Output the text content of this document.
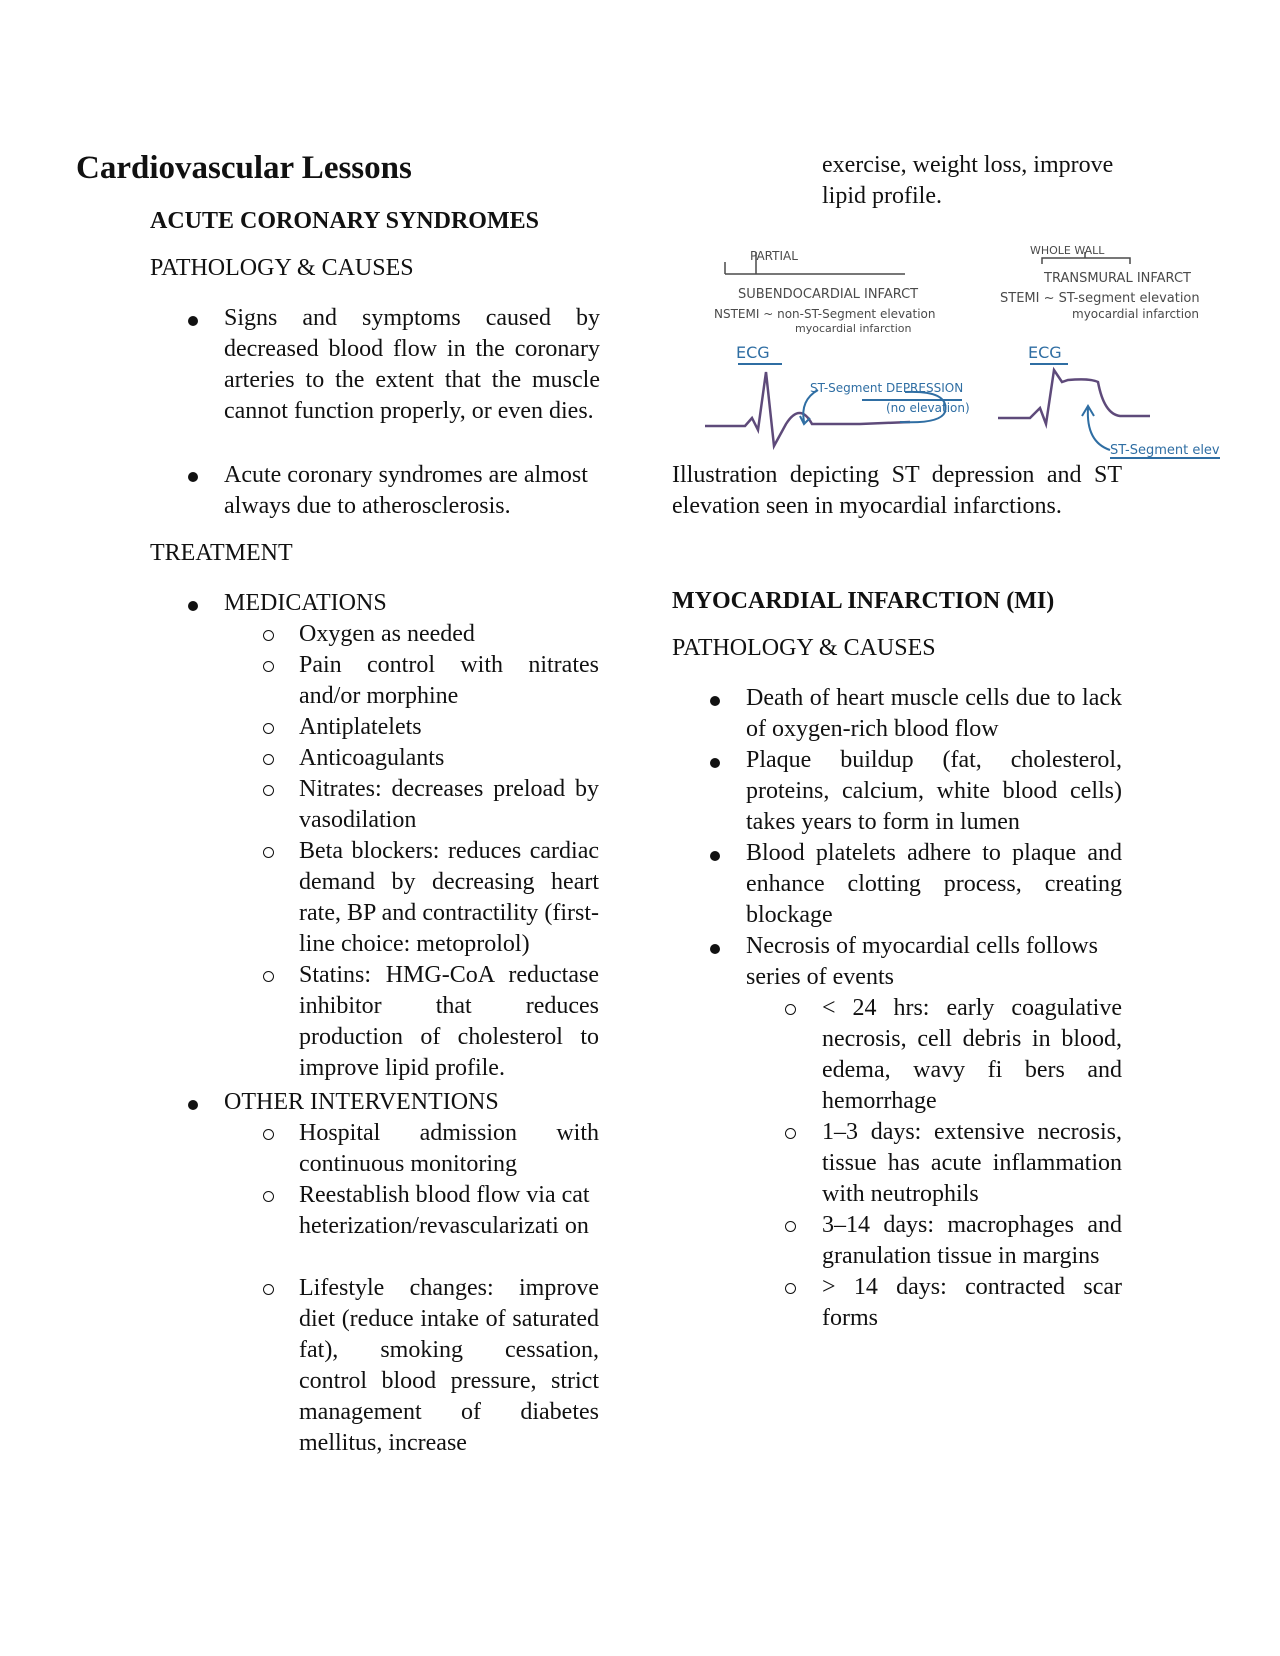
Cardiovascular Lessons
ACUTE CORONARY SYNDROMES
PATHOLOGY & CAUSES
Signs and symptoms caused by decreased blood flow in the coronary arteries to the extent that the muscle cannot function properly, or even dies.
Acute coronary syndromes are almost always due to atherosclerosis.
TREATMENT
MEDICATIONS
Oxygen as needed
Pain control with nitrates and/or morphine
Antiplatelets
Anticoagulants
Nitrates: decreases preload by vasodilation
Beta blockers: reduces cardiac demand by decreasing heart rate, BP and contractility (first-line choice: metoprolol)
Statins: HMG-CoA reductase inhibitor that reduces production of cholesterol to improve lipid profile.
OTHER INTERVENTIONS
Hospital admission with continuous monitoring
Reestablish blood flow via catheterization/revascularizati on
Lifestyle changes: improve diet (reduce intake of saturated fat), smoking cessation, control blood pressure, strict management of diabetes mellitus, increase
exercise, weight loss, improve lipid profile.
PARTIAL
SUBENDOCARDIAL INFARCT
NSTEMI ~ non-ST-Segment elevation
myocardial infarction
ECG
WHOLE WALL
TRANSMURAL INFARCT
STEMI ~ ST-segment elevation
myocardial infarction
ECG
ST-Segment DEPRESSION
(no elevation)
ST-Segment elev
Illustration depicting ST depression and ST elevation seen in myocardial infarctions.
MYOCARDIAL INFARCTION (MI)
PATHOLOGY & CAUSES
Death of heart muscle cells due to lack of oxygen-rich blood flow
Plaque buildup (fat, cholesterol, proteins, calcium, white blood cells) takes years to form in lumen
Blood platelets adhere to plaque and enhance clotting process, creating blockage
Necrosis of myocardial cells follows series of events
< 24 hrs: early coagulative necrosis, cell debris in blood, edema, wavy fi bers and hemorrhage
1–3 days: extensive necrosis, tissue has acute inflammation with neutrophils
3–14 days: macrophages and granulation tissue in margins
> 14 days: contracted scar forms
